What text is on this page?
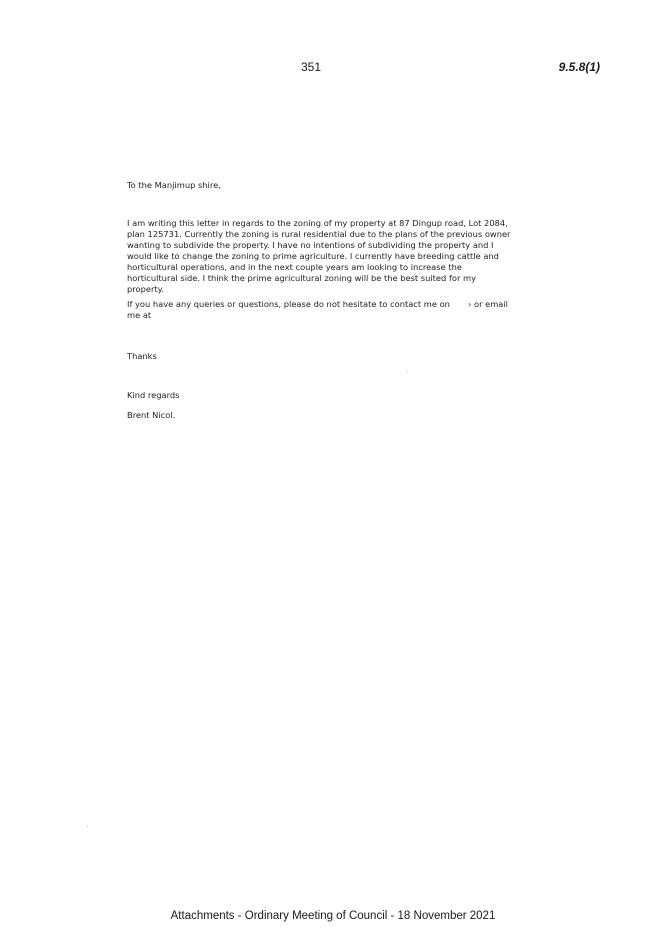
351	9.5.8(1)
To the Manjimup shire,
I am writing this letter in regards to the zoning of my property at 87 Dingup road, Lot 2084, plan 125731. Currently the zoning is rural residential due to the plans of the previous owner wanting to subdivide the property. I have no intentions of subdividing the property and I would like to change the zoning to prime agriculture. I currently have breeding cattle and horticultural operations, and in the next couple years am looking to increase the horticultural side. I think the prime agricultural zoning will be the best suited for my property.
If you have any queries or questions, please do not hesitate to contact me on › or email
me at
Thanks
Kind regards
Brent Nicol.
Attachments - Ordinary Meeting of Council - 18 November 2021
